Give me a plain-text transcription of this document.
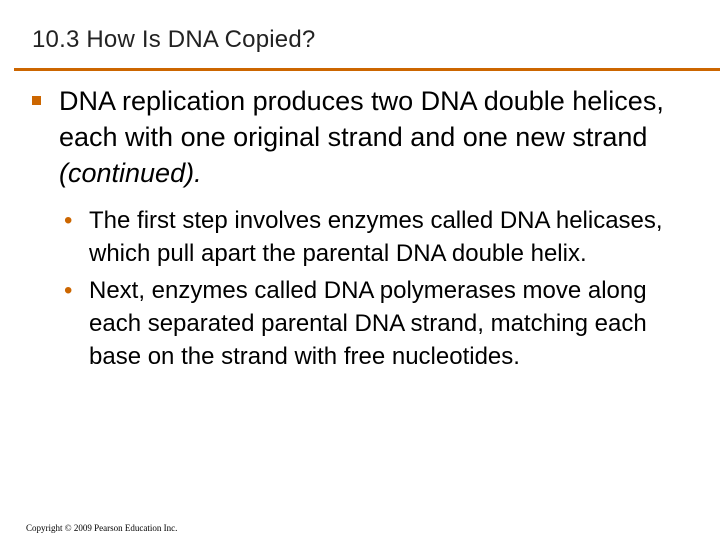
10.3 How Is DNA Copied?
DNA replication produces two DNA double helices, each with one original strand and one new strand (continued).
• The first step involves enzymes called DNA helicases, which pull apart the parental DNA double helix.
• Next, enzymes called DNA polymerases move along each separated parental DNA strand, matching each base on the strand with free nucleotides.
Copyright © 2009 Pearson Education Inc.
